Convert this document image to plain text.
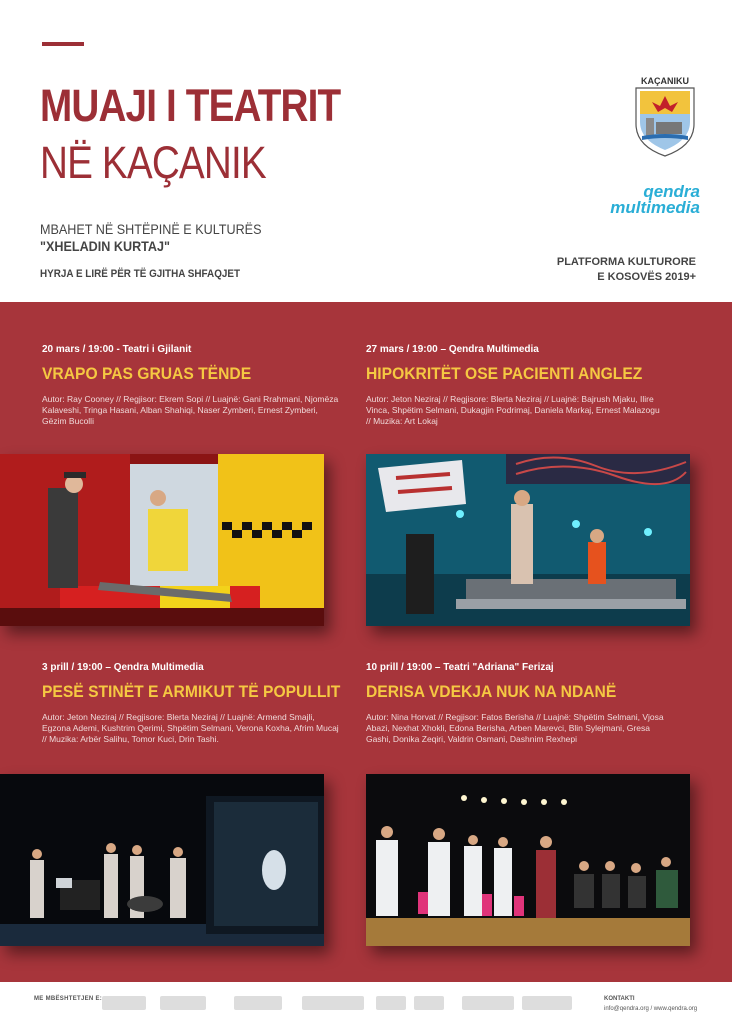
MUAJI I TEATRIT
NË KAÇANIK
MBAHET NË SHTËPINË E KULTURËS
"XHELADIN KURTAJ"
HYRJA E LIRË PËR TË GJITHA SHFAQJET
KAÇANIKU
qendra
multimedia
PLATFORMA KULTURORE
E KOSOVËS 2019+
20 mars / 19:00 - Teatri i Gjilanit
VRAPO PAS GRUAS TËNDE
Autor: Ray Cooney // Regjisor: Ekrem Sopi // Luajnë: Gani Rrahmani, Njomëza Kalaveshi, Tringa Hasani, Alban Shahiqi, Naser Zymberi, Ernest Zymberi, Gëzim Bucolli
27 mars / 19:00 – Qendra Multimedia
HIPOKRITËT OSE PACIENTI ANGLEZ
Autor: Jeton Neziraj // Regjisore: Blerta Neziraj // Luajnë: Bajrush Mjaku, Ilire Vinca, Shpëtim Selmani, Dukagjin Podrimaj, Daniela Markaj, Ernest Malazogu // Muzika: Art Lokaj
3 prill / 19:00 – Qendra Multimedia
PESË STINËT E ARMIKUT TË POPULLIT
Autor: Jeton Neziraj // Regjisore: Blerta Neziraj // Luajnë: Armend Smajli, Egzona Ademi, Kushtrim Qerimi, Shpëtim Selmani, Verona Koxha, Afrim Mucaj // Muzika: Arbër Salihu, Tomor Kuci, Drin Tashi.
10 prill / 19:00 – Teatri "Adriana" Ferizaj
DERISA VDEKJA NUK NA NDANË
Autor: Nina Horvat // Regjisor: Fatos Berisha // Luajnë: Shpëtim Selmani, Vjosa Abazi, Nexhat Xhokli, Edona Berisha, Arben Marevci, Blin Sylejmani, Gresa Gashi, Donika Zeqiri, Valdrin Osmani, Dashnim Rexhepi
ME MBËSHTETJEN E:	KONTAKTI
info@qendra.org / www.qendra.org
